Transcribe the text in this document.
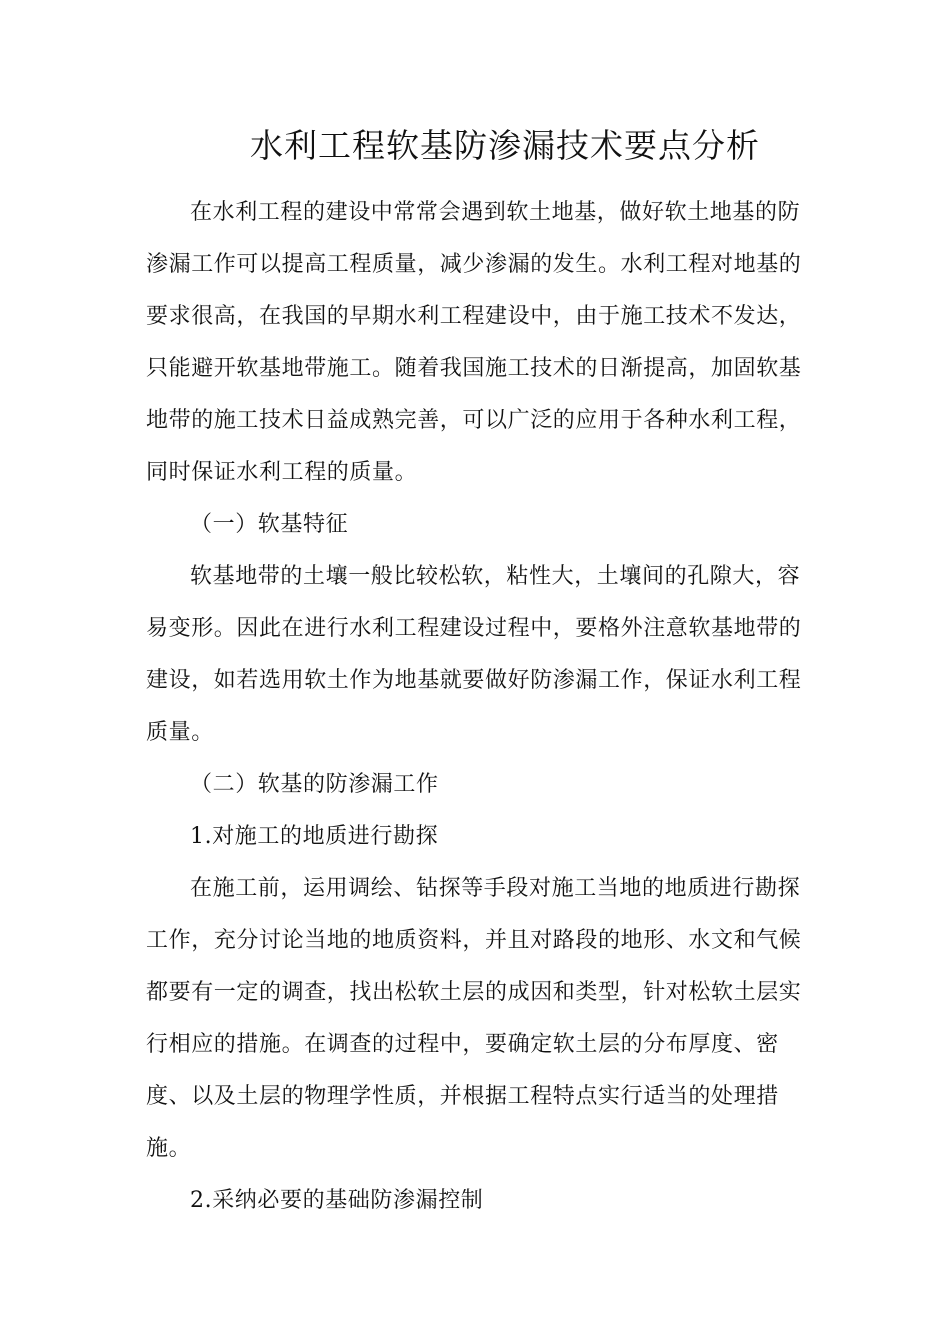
水利工程软基防渗漏技术要点分析
在水利工程的建设中常常会遇到软土地基，做好软土地基的防
渗漏工作可以提高工程质量，减少渗漏的发生。水利工程对地基的
要求很高，在我国的早期水利工程建设中，由于施工技术不发达，
只能避开软基地带施工。随着我国施工技术的日渐提高，加固软基
地带的施工技术日益成熟完善，可以广泛的应用于各种水利工程，
同时保证水利工程的质量。
（一）软基特征
软基地带的土壤一般比较松软，粘性大，土壤间的孔隙大，容
易变形。因此在进行水利工程建设过程中，要格外注意软基地带的
建设，如若选用软土作为地基就要做好防渗漏工作，保证水利工程
质量。
（二）软基的防渗漏工作
1.对施工的地质进行勘探
在施工前，运用调绘、钻探等手段对施工当地的地质进行勘探
工作，充分讨论当地的地质资料，并且对路段的地形、水文和气候
都要有一定的调查，找出松软土层的成因和类型，针对松软土层实
行相应的措施。在调查的过程中，要确定软土层的分布厚度、密
度、以及土层的物理学性质，并根据工程特点实行适当的处理措
施。
2.采纳必要的基础防渗漏控制
